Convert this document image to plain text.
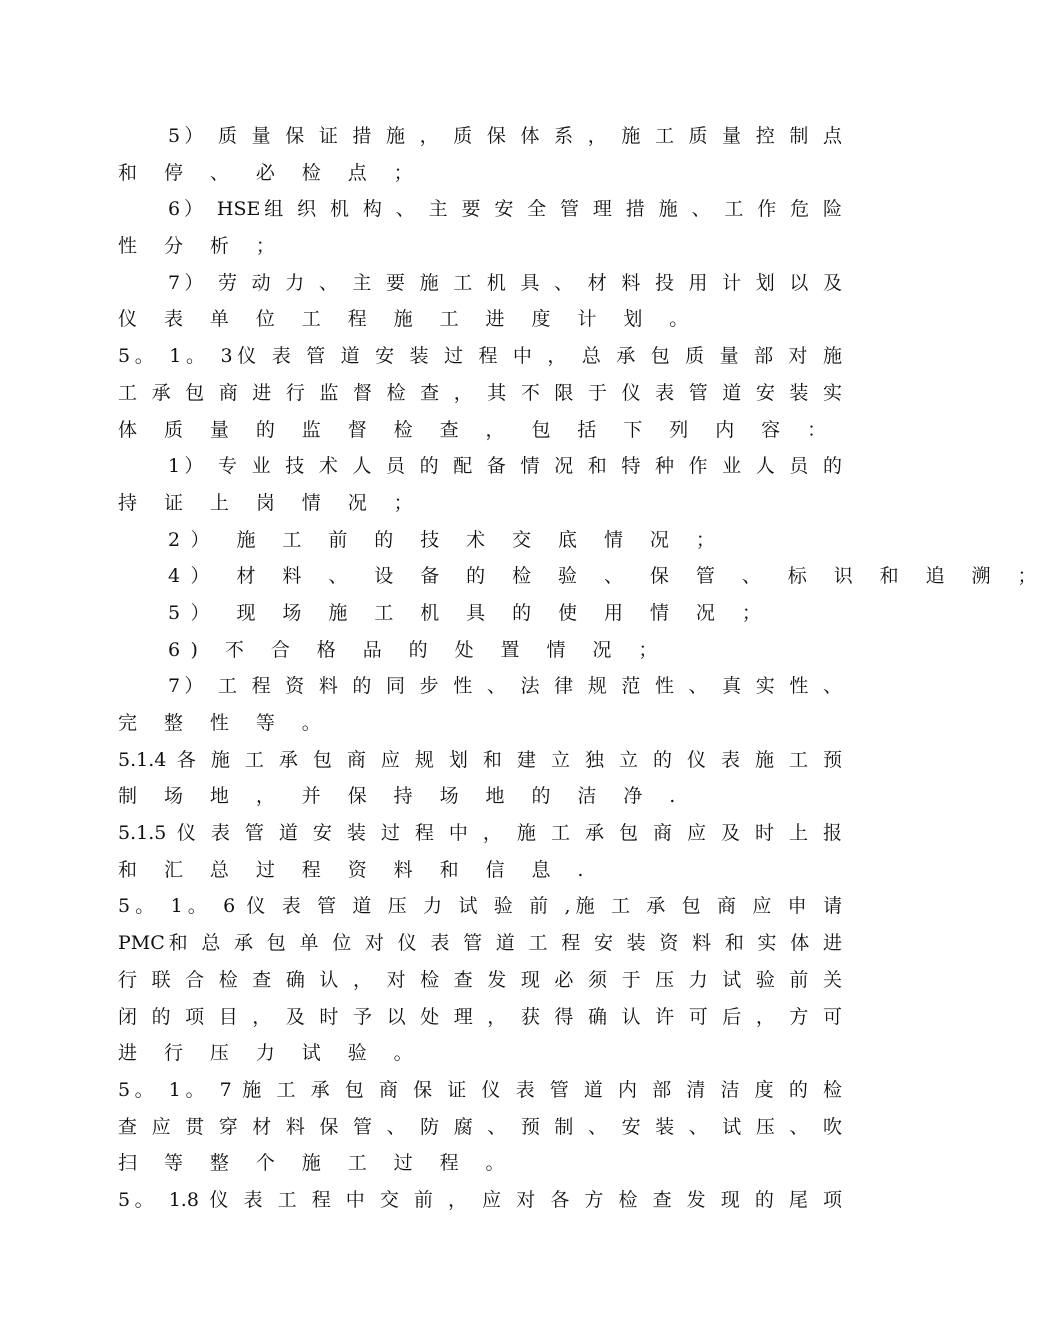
5） 质 量 保 证 措 施 ， 质 保 体 系 ， 施 工 质 量 控 制 点
和 停 、 必 检 点 ；
6） HSE组 织 机 构 、 主 要 安 全 管 理 措 施 、 工 作 危 险
性 分 析 ；
7） 劳 动 力 、 主 要 施 工 机 具 、 材 料 投 用 计 划 以 及
仪 表 单 位 工 程 施 工 进 度 计 划 。
5。 1。 3仪 表 管 道 安 装 过 程 中 ， 总 承 包 质 量 部 对 施
工 承 包 商 进 行 监 督 检 查 ， 其 不 限 于 仪 表 管 道 安 装 实
体 质 量 的 监 督 检 查 ， 包 括 下 列 内 容 ：
1） 专 业 技 术 人 员 的 配 备 情 况 和 特 种 作 业 人 员 的
持 证 上 岗 情 况 ；
2） 施 工 前 的 技 术 交 底 情 况 ；
4） 材 料 、 设 备 的 检 验 、 保 管 、 标 识 和 追 溯 ；
5） 现 场 施 工 机 具 的 使 用 情 况 ；
6) 不 合 格 品 的 处 置 情 况 ；
7） 工 程 资 料 的 同 步 性 、 法 律 规 范 性 、 真 实 性 、
完 整 性 等 。
5.1.4 各 施 工 承 包 商 应 规 划 和 建 立 独 立 的 仪 表 施 工 预
制 场 地 ， 并 保 持 场 地 的 洁 净 .
5.1.5 仪 表 管 道 安 装 过 程 中 ， 施 工 承 包 商 应 及 时 上 报
和 汇 总 过 程 资 料 和 信 息 .
5。 1。 6 仪 表 管 道 压 力 试 验 前 ,施 工 承 包 商 应 申 请
PMC和 总 承 包 单 位 对 仪 表 管 道 工 程 安 装 资 料 和 实 体 进
行 联 合 检 查 确 认 ， 对 检 查 发 现 必 须 于 压 力 试 验 前 关
闭 的 项 目 ， 及 时 予 以 处 理 ， 获 得 确 认 许 可 后 ， 方 可
进 行 压 力 试 验 。
5。 1。 7 施 工 承 包 商 保 证 仪 表 管 道 内 部 清 洁 度 的 检
查 应 贯 穿 材 料 保 管 、 防 腐 、 预 制 、 安 装 、 试 压 、 吹
扫 等 整 个 施 工 过 程 。
5。 1.8 仪 表 工 程 中 交 前 ， 应 对 各 方 检 查 发 现 的 尾 项
